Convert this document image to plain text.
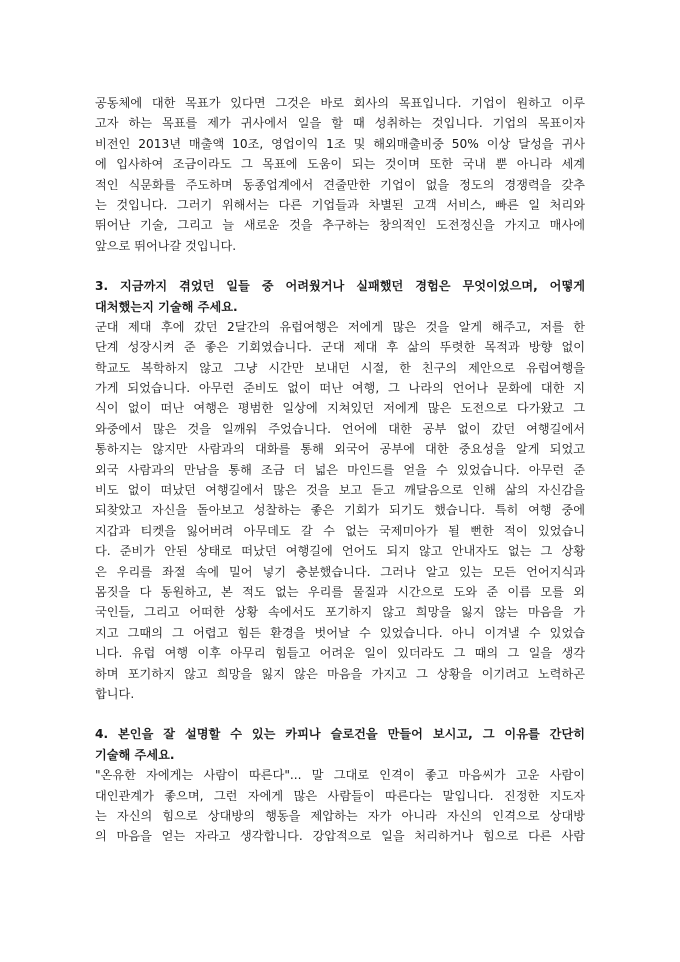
공동체에 대한 목표가 있다면 그것은 바로 회사의 목표입니다. 기업이 원하고 이루
고자 하는 목표를 제가 귀사에서 일을 할 때 성취하는 것입니다. 기업의 목표이자
비전인 2013년 매출액 10조, 영업이익 1조 및 해외매출비중 50% 이상 달성을 귀사
에 입사하여 조금이라도 그 목표에 도움이 되는 것이며 또한 국내 뿐 아니라 세계
적인 식문화를 주도하며 동종업계에서 견줄만한 기업이 없을 정도의 경쟁력을 갖추
는 것입니다. 그러기 위해서는 다른 기업들과 차별된 고객 서비스, 빠른 일 처리와
뛰어난 기술, 그리고 늘 새로운 것을 추구하는 창의적인 도전정신을 가지고 매사에
앞으로 뛰어나갈 것입니다.
3. 지금까지 겪었던 일들 중 어려웠거나 실패했던 경험은 무엇이었으며, 어떻게
대처했는지 기술해 주세요.
군대 제대 후에 갔던 2달간의 유럽여행은 저에게 많은 것을 알게 해주고, 저를 한
단계 성장시켜 준 좋은 기회였습니다. 군대 제대 후 삶의 뚜렷한 목적과 방향 없이
학교도 복학하지 않고 그냥 시간만 보내던 시절, 한 친구의 제안으로 유럽여행을
가게 되었습니다. 아무런 준비도 없이 떠난 여행, 그 나라의 언어나 문화에 대한 지
식이 없이 떠난 여행은 평범한 일상에 지쳐있던 저에게 많은 도전으로 다가왔고 그
와중에서 많은 것을 일깨워 주었습니다. 언어에 대한 공부 없이 갔던 여행길에서
통하지는 않지만 사람과의 대화를 통해 외국어 공부에 대한 중요성을 알게 되었고
외국 사람과의 만남을 통해 조금 더 넓은 마인드를 얻을 수 있었습니다. 아무런 준
비도 없이 떠났던 여행길에서 많은 것을 보고 듣고 깨달음으로 인해 삶의 자신감을
되찾았고 자신을 돌아보고 성찰하는 좋은 기회가 되기도 했습니다. 특히 여행 중에
지갑과 티켓을 잃어버려 아무데도 갈 수 없는 국제미아가 될 뻔한 적이 있었습니
다. 준비가 안된 상태로 떠났던 여행길에 언어도 되지 않고 안내자도 없는 그 상황
은 우리를 좌절 속에 밀어 넣기 충분했습니다. 그러나 알고 있는 모든 언어지식과
몸짓을 다 동원하고, 본 적도 없는 우리를 물질과 시간으로 도와 준 이름 모를 외
국인들, 그리고 어떠한 상황 속에서도 포기하지 않고 희망을 잃지 않는 마음을 가
지고 그때의 그 어렵고 힘든 환경을 벗어날 수 있었습니다. 아니 이겨낼 수 있었습
니다. 유럽 여행 이후 아무리 힘들고 어려운 일이 있더라도 그 때의 그 일을 생각
하며 포기하지 않고 희망을 잃지 않은 마음을 가지고 그 상황을 이기려고 노력하곤
합니다.
4. 본인을 잘 설명할 수 있는 카피나 슬로건을 만들어 보시고, 그 이유를 간단히
기술해 주세요.
"온유한 자에게는 사람이 따른다"... 말 그대로 인격이 좋고 마음씨가 고운 사람이
대인관계가 좋으며, 그런 자에게 많은 사람들이 따른다는 말입니다. 진정한 지도자
는 자신의 힘으로 상대방의 행동을 제압하는 자가 아니라 자신의 인격으로 상대방
의 마음을 얻는 자라고 생각합니다. 강압적으로 일을 처리하거나 힘으로 다른 사람
